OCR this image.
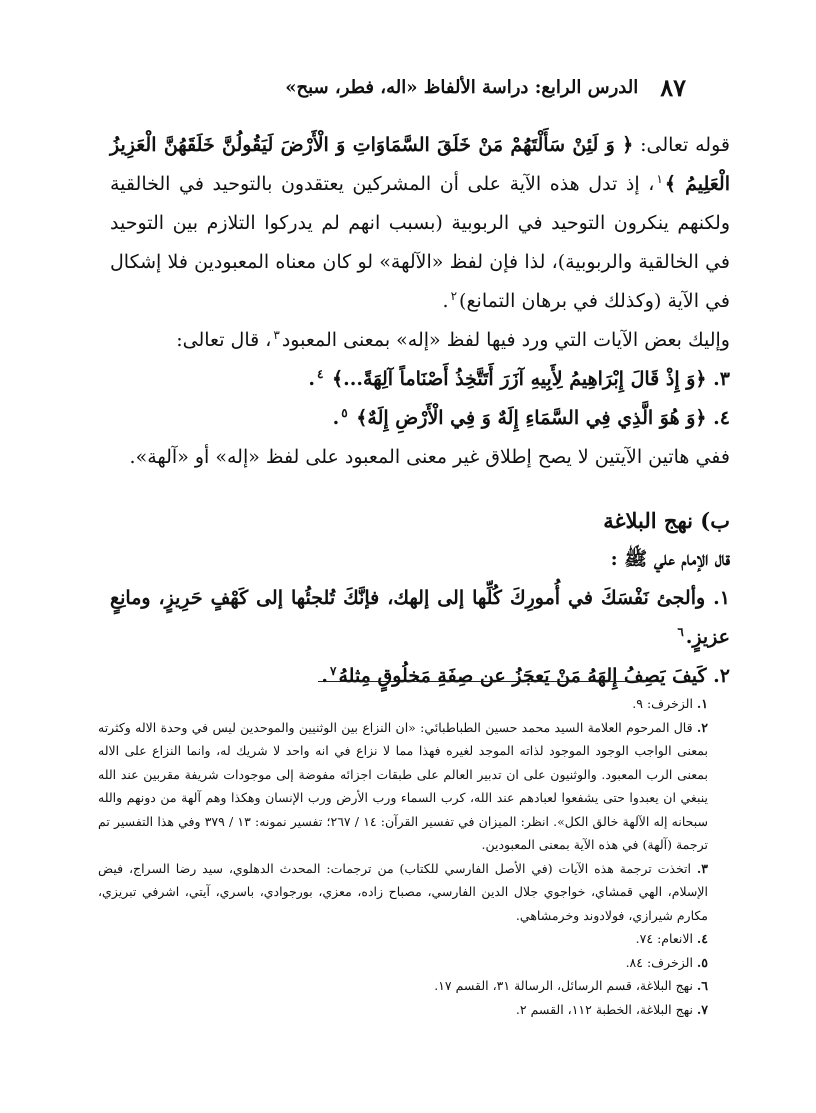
٨٧
الدرس الرابع: دراسة الألفاظ «اله، فطر، سبح»

قوله تعالى: ﴿ وَ لَئِنْ سَأَلْتَهُمْ مَنْ خَلَقَ السَّمَاوَاتِ وَ الْأَرْضَ لَيَقُولُنَّ خَلَقَهُنَّ الْعَزِيزُ الْعَلِيمُ ﴾$^١$، إذ تدل هذه الآية على أن المشركين يعتقدون بالتوحيد في الخالقية ولكنهم ينكرون التوحيد في الربوبية (بسبب انهم لم يدركوا التلازم بين التوحيد في الخالقية والربوبية)، لذا فإن لفظ «الآلهة» لو كان معناه المعبودين فلا إشكال في الآية (وكذلك في برهان التمانع)$^٢$.

وإليك بعض الآيات التي ورد فيها لفظ «إله» بمعنى المعبود$^٣$، قال تعالى:

٣. ﴿وَ إِذْ قَالَ إِبْرَاهِيمُ لِأَبِيهِ آزَرَ أَتَتَّخِذُ أَصْنَاماً آلِهَةً...﴾ $^٤$.

٤. ﴿وَ هُوَ الَّذِي فِي السَّمَاءِ إِلَهٌ وَ فِي الْأَرْضِ إِلَهٌ﴾ $^٥$.

ففي هاتين الآيتين لا يصح إطلاق غير معنى المعبود على لفظ «إله» أو «آلهة».

ب) نهج البلاغة

قال الإمام علي ﷺ :

١. وألجئ نَفْسَكَ في أُمورِكَ كُلِّها إلى إلهك، فإنَّكَ تُلجئُها إلى كَهْفٍ حَرِيزٍ، ومانِعٍ عزيزٍ.$^٦$

٢. كَيفَ يَصِفُ إِلهَهُ مَنْ يَعجَزُ عن صِفَةِ مَخلُوقٍ مِثلهُ$^٧$.

١. الزخرف: ٩.

٢. قال المرحوم العلامة السيد محمد حسين الطباطبائي: «ان النزاع بين الوثنيين والموحدين ليس في وحدة الاله وكثرته بمعنى الواجب الوجود الموجود لذاته الموجد لغيره فهذا مما لا نزاع في انه واحد لا شريك له، وانما النزاع على الاله بمعنى الرب المعبود. والوثنيون على ان تدبير العالم على طبقات اجزائه مفوضة إلى موجودات شريفة مقربين عند الله ينبغي ان يعبدوا حتى يشفعوا لعبادهم عند الله، كرب السماء ورب الأرض ورب الإنسان وهكذا وهم آلهة من دونهم والله سبحانه إله الآلهة خالق الكل». انظر: الميزان في تفسير القرآن: ١٤ / ٢٦٧؛ تفسير نمونه: ١٣ / ٣٧٩ وفي هذا التفسير تم ترجمة (آلهة) في هذه الآية بمعنى المعبودين.

٣. اتخذت ترجمة هذه الآيات (في الأصل الفارسي للكتاب) من ترجمات: المحدث الدهلوي، سيد رضا السراج، فيض الإسلام، الهي قمشاي، خواجوي جلال الدين الفارسي، مصباح زاده، معزي، بورجوادي، باسري، آيتي، اشرفي تبريزي، مكارم شيرازي، فولادوند وخرمشاهي.

٤. الانعام: ٧٤.

٥. الزخرف: ٨٤.

٦. نهج البلاغة، قسم الرسائل، الرسالة ٣١، القسم ١٧.

٧. نهج البلاغة، الخطبة ١١٢، القسم ٢.
